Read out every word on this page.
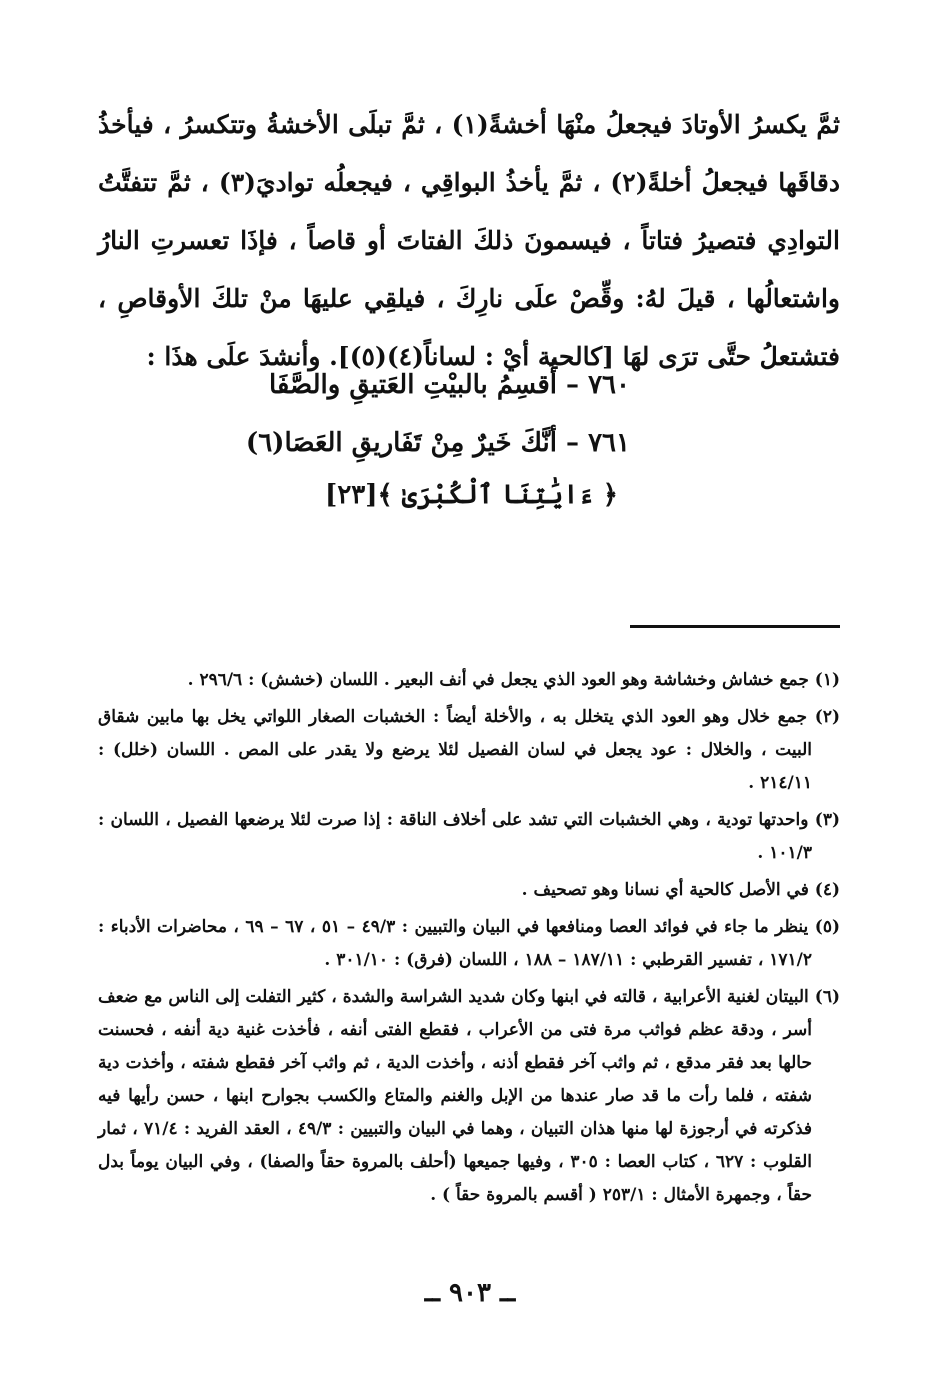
ثمَّ يكسرُ الأوتادَ فيجعلُ منْهَا أخشةً(١) ، ثمَّ تبلَى الأخشةُ وتتكسرُ ، فيأخذُ دقاقَها فيجعلُ أخلةً(٢) ، ثمَّ يأخذُ البواقِي ، فيجعلُه تواديَ(٣) ، ثمَّ تتفتَّتُ التوادِي فتصيرُ فتاتاً ، فيسمونَ ذلكَ الفتاتَ أو قاصاً ، فإذَا تعسرتِ النارُ واشتعالُها ، قيلَ لهُ: وقِّصْ علَى نارِكَ ، فيلقِي عليهَا منْ تلكَ الأوقاصِ ، فتشتعلُ حتَّى ترَى لهَا [كالحية أيْ : لساناً(٤)(٥)]. وأنشدَ علَى هذَا :

٧٦٠ – أُقسِمُ بالبيْتِ العَتيقِ والصَّفَا
٧٦١ – أنَّكَ خَيرٌ مِنْ تَفَاريقِ العَصَا(٦)
﴿ ءَايَٰتِنَا ٱلْكُبْرَىٰ ﴾[٢٣]

(١) جمع خشاش وخشاشة وهو العود الذي يجعل في أنف البعير . اللسان (خشش) : ٢٩٦/٦ .

(٢) جمع خلال وهو العود الذي يتخلل به ، والأخلة أيضاً : الخشبات الصغار اللواتي يخل بها مابين شقاق البيت ، والخلال : عود يجعل في لسان الفصيل لئلا يرضع ولا يقدر على المص . اللسان (خلل) : ٢١٤/١١ .

(٣) واحدتها تودية ، وهي الخشبات التي تشد على أخلاف الناقة : إذا صرت لئلا يرضعها الفصيل ، اللسان : ١٠١/٣ .

(٤) في الأصل كالحية أي نسانا وهو تصحيف .

(٥) ينظر ما جاء في فوائد العصا ومنافعها في البيان والتبيين : ٤٩/٣ – ٥١ ، ٦٧ – ٦٩ ، محاضرات الأدباء : ١٧١/٢ ، تفسير القرطبي : ١٨٧/١١ – ١٨٨ ، اللسان (فرق) : ٣٠١/١٠ .

(٦) البيتان لغنية الأعرابية ، قالته في ابنها وكان شديد الشراسة والشدة ، كثير التفلت إلى الناس مع ضعف أسر ، ودقة عظم فواثب مرة فتى من الأعراب ، فقطع الفتى أنفه ، فأخذت غنية دية أنفه ، فحسنت حالها بعد فقر مدقع ، ثم واثب آخر فقطع أذنه ، وأخذت الدية ، ثم واثب آخر فقطع شفته ، وأخذت دية شفته ، فلما رأت ما قد صار عندها من الإبل والغنم والمتاع والكسب بجوارح ابنها ، حسن رأيها فيه فذكرته في أرجوزة لها منها هذان التبيان ، وهما في البيان والتبيين : ٤٩/٣ ، العقد الفريد : ٧١/٤ ، ثمار القلوب : ٦٢٧ ، كتاب العصا : ٣٠٥ ، وفيها جميعها (أحلف بالمروة حقاً والصفا) ، وفي البيان يوماً بدل حقاً ، وجمهرة الأمثال : ٢٥٣/١ ( أقسم بالمروة حقاً ) .

ــ ٩٠٣ ــ
